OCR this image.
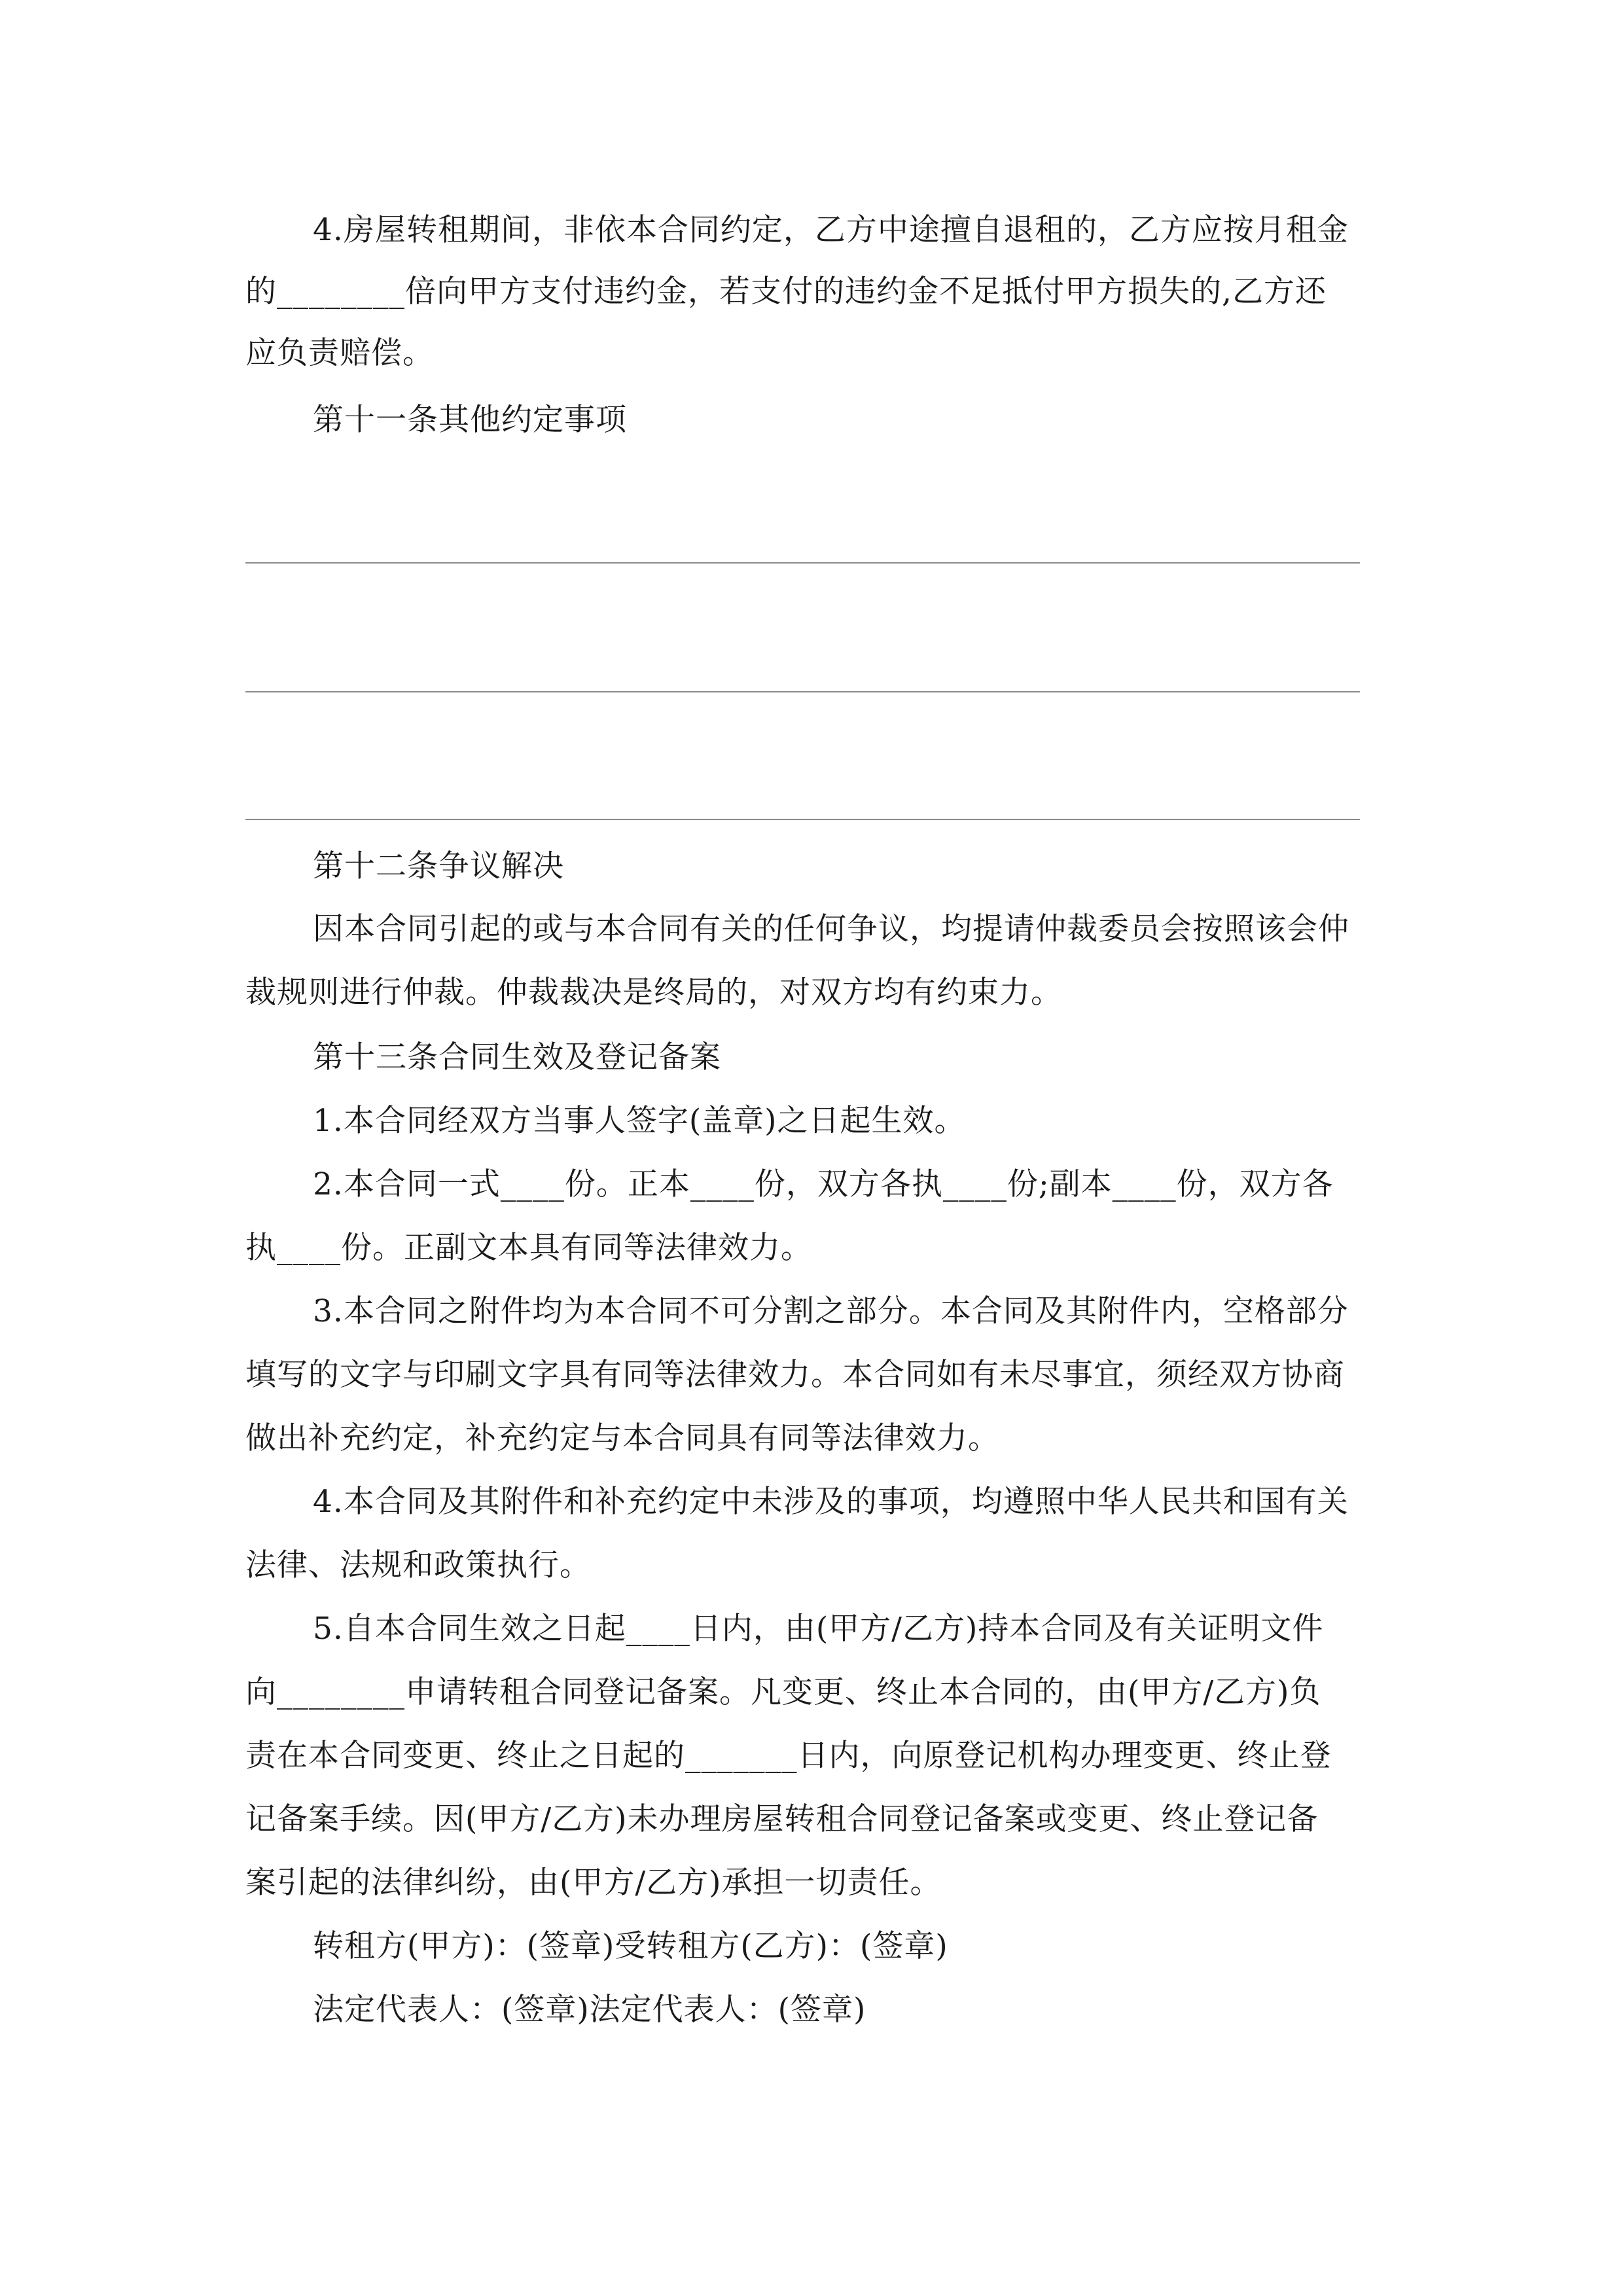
4.房屋转租期间，非依本合同约定，乙方中途擅自退租的，乙方应按月租金
的________倍向甲方支付违约金，若支付的违约金不足抵付甲方损失的,乙方还
应负责赔偿。
第十一条其他约定事项
第十二条争议解决
因本合同引起的或与本合同有关的任何争议，均提请仲裁委员会按照该会仲
裁规则进行仲裁。仲裁裁决是终局的，对双方均有约束力。
第十三条合同生效及登记备案
1.本合同经双方当事人签字(盖章)之日起生效。
2.本合同一式____份。正本____份，双方各执____份;副本____份，双方各
执____份。正副文本具有同等法律效力。
3.本合同之附件均为本合同不可分割之部分。本合同及其附件内，空格部分
填写的文字与印刷文字具有同等法律效力。本合同如有未尽事宜，须经双方协商
做出补充约定，补充约定与本合同具有同等法律效力。
4.本合同及其附件和补充约定中未涉及的事项，均遵照中华人民共和国有关
法律、法规和政策执行。
5.自本合同生效之日起____日内，由(甲方/乙方)持本合同及有关证明文件
向________申请转租合同登记备案。凡变更、终止本合同的，由(甲方/乙方)负
责在本合同变更、终止之日起的_______日内，向原登记机构办理变更、终止登
记备案手续。因(甲方/乙方)未办理房屋转租合同登记备案或变更、终止登记备
案引起的法律纠纷，由(甲方/乙方)承担一切责任。
转租方(甲方)：(签章)受转租方(乙方)：(签章)
法定代表人：(签章)法定代表人：(签章)
